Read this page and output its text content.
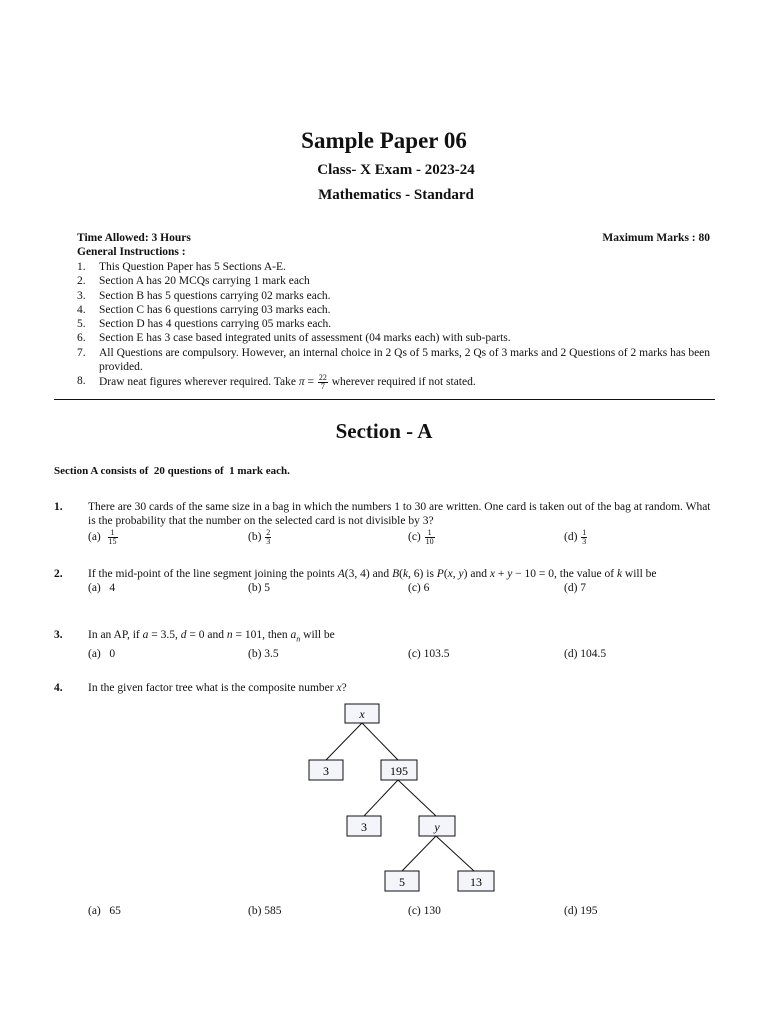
Sample Paper 06
Class- X Exam - 2023-24
Mathematics - Standard
Time Allowed: 3 Hours	Maximum Marks : 80
General Instructions :
1.	This Question Paper has 5 Sections A-E.
2.	Section A has 20 MCQs carrying 1 mark each
3.	Section B has 5 questions carrying 02 marks each.
4.	Section C has 6 questions carrying 03 marks each.
5.	Section D has 4 questions carrying 05 marks each.
6.	Section E has 3 case based integrated units of assessment (04 marks each) with sub-parts.
7.	All Questions are compulsory. However, an internal choice in 2 Qs of 5 marks, 2 Qs of 3 marks and 2 Questions of 2 marks has been provided.
8.	Draw neat figures wherever required. Take $\pi = \frac{22}{7}$ wherever required if not stated.
Section - A
Section A consists of  20 questions of  1 mark each.
1. There are 30 cards of the same size in a bag in which the numbers 1 to 30 are written. One card is taken out of the bag at random. What is the probability that the number on the selected card is not divisible by 3?
$(a) \frac{1}{15}$	$(b) \frac{2}{3}$	$(c) \frac{1}{10}$	$(d) \frac{1}{3}$
2. If the mid-point of the line segment joining the points A(3, 4) and B(k, 6) is P(x, y) and x + y − 10 = 0, the value of k will be
(a)   4	(b) 5	(c) 6	(d) 7
3. In an AP, if a = 3.5, d = 0 and n = 101, then $a_n$ will be
(a)   0	(b) 3.5	(c) 103.5	(d) 104.5
4. In the given factor tree what is the composite number x?
x
3	195
3	y
5	13
(a)   65	(b) 585	(c) 130	(d) 195
